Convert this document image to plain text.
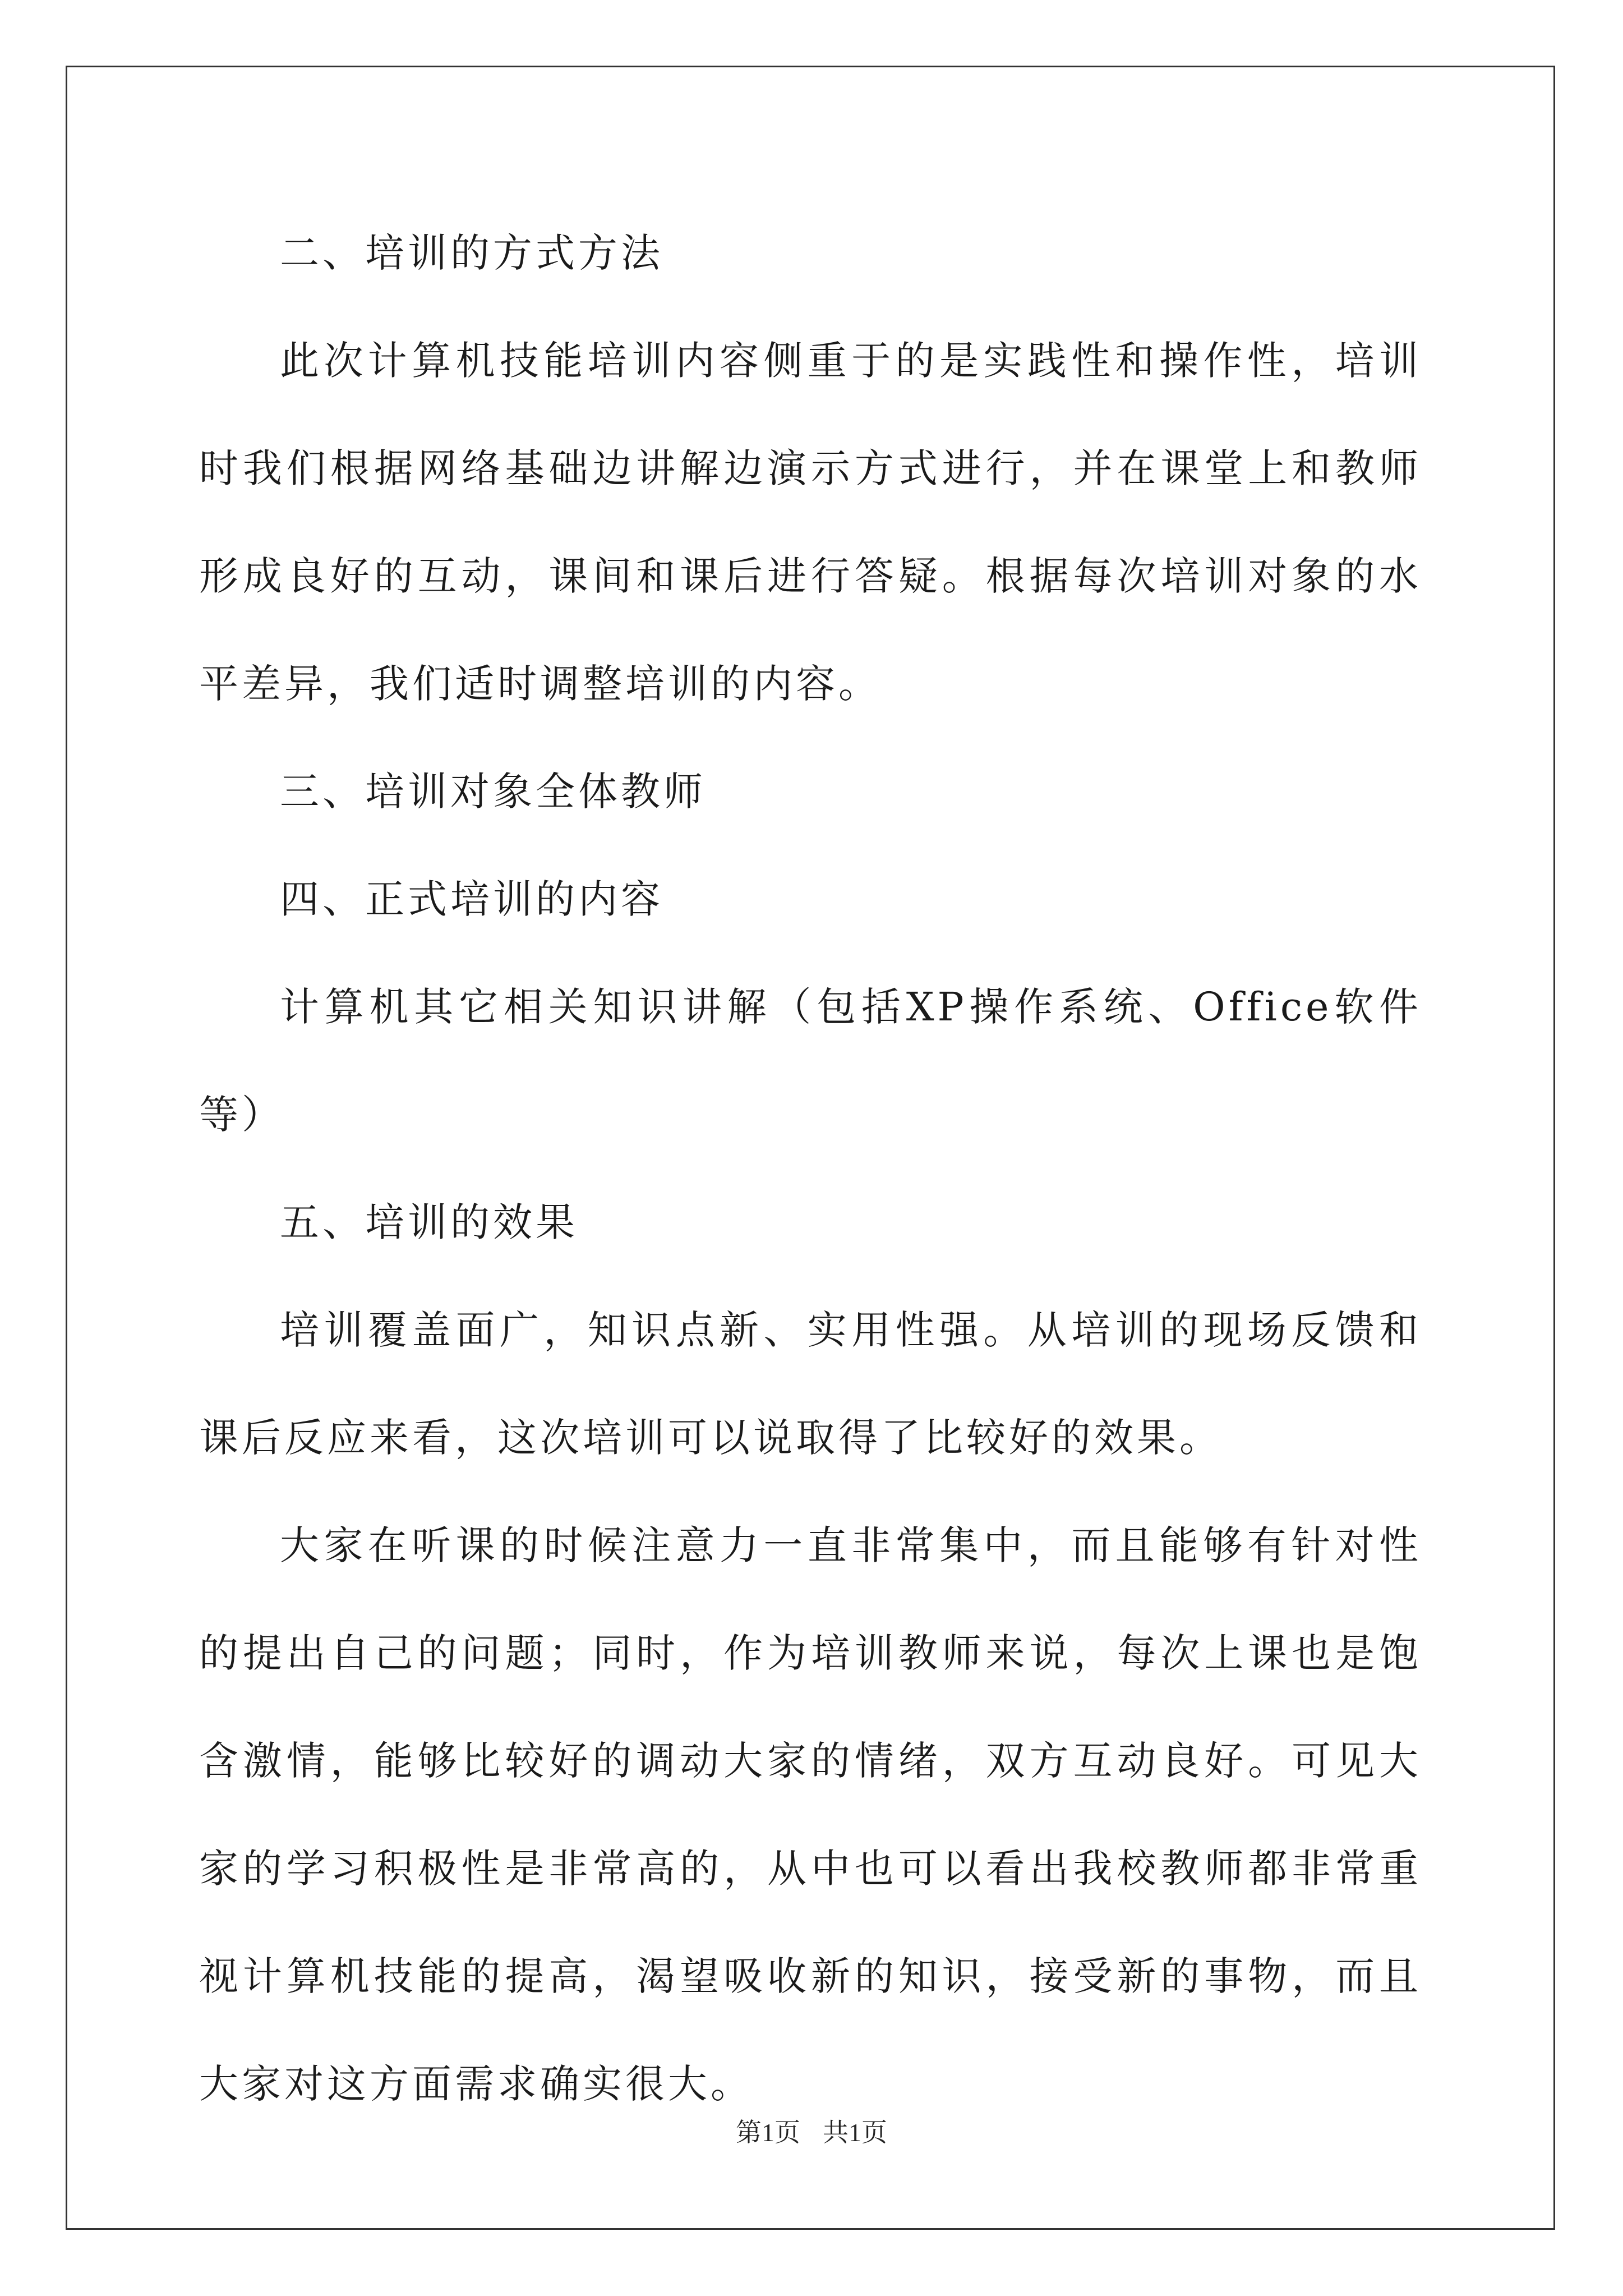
二、培训的方式方法

此次计算机技能培训内容侧重于的是实践性和操作性，培训时我们根据网络基础边讲解边演示方式进行，并在课堂上和教师形成良好的互动，课间和课后进行答疑。根据每次培训对象的水平差异，我们适时调整培训的内容。

三、培训对象全体教师

四、正式培训的内容

计算机其它相关知识讲解（包括XP操作系统、Office软件等）

五、培训的效果

培训覆盖面广，知识点新、实用性强。从培训的现场反馈和课后反应来看，这次培训可以说取得了比较好的效果。

大家在听课的时候注意力一直非常集中，而且能够有针对性的提出自己的问题；同时，作为培训教师来说，每次上课也是饱含激情，能够比较好的调动大家的情绪，双方互动良好。可见大家的学习积极性是非常高的，从中也可以看出我校教师都非常重视计算机技能的提高，渴望吸收新的知识，接受新的事物，而且大家对这方面需求确实很大。

第1页 共1页
